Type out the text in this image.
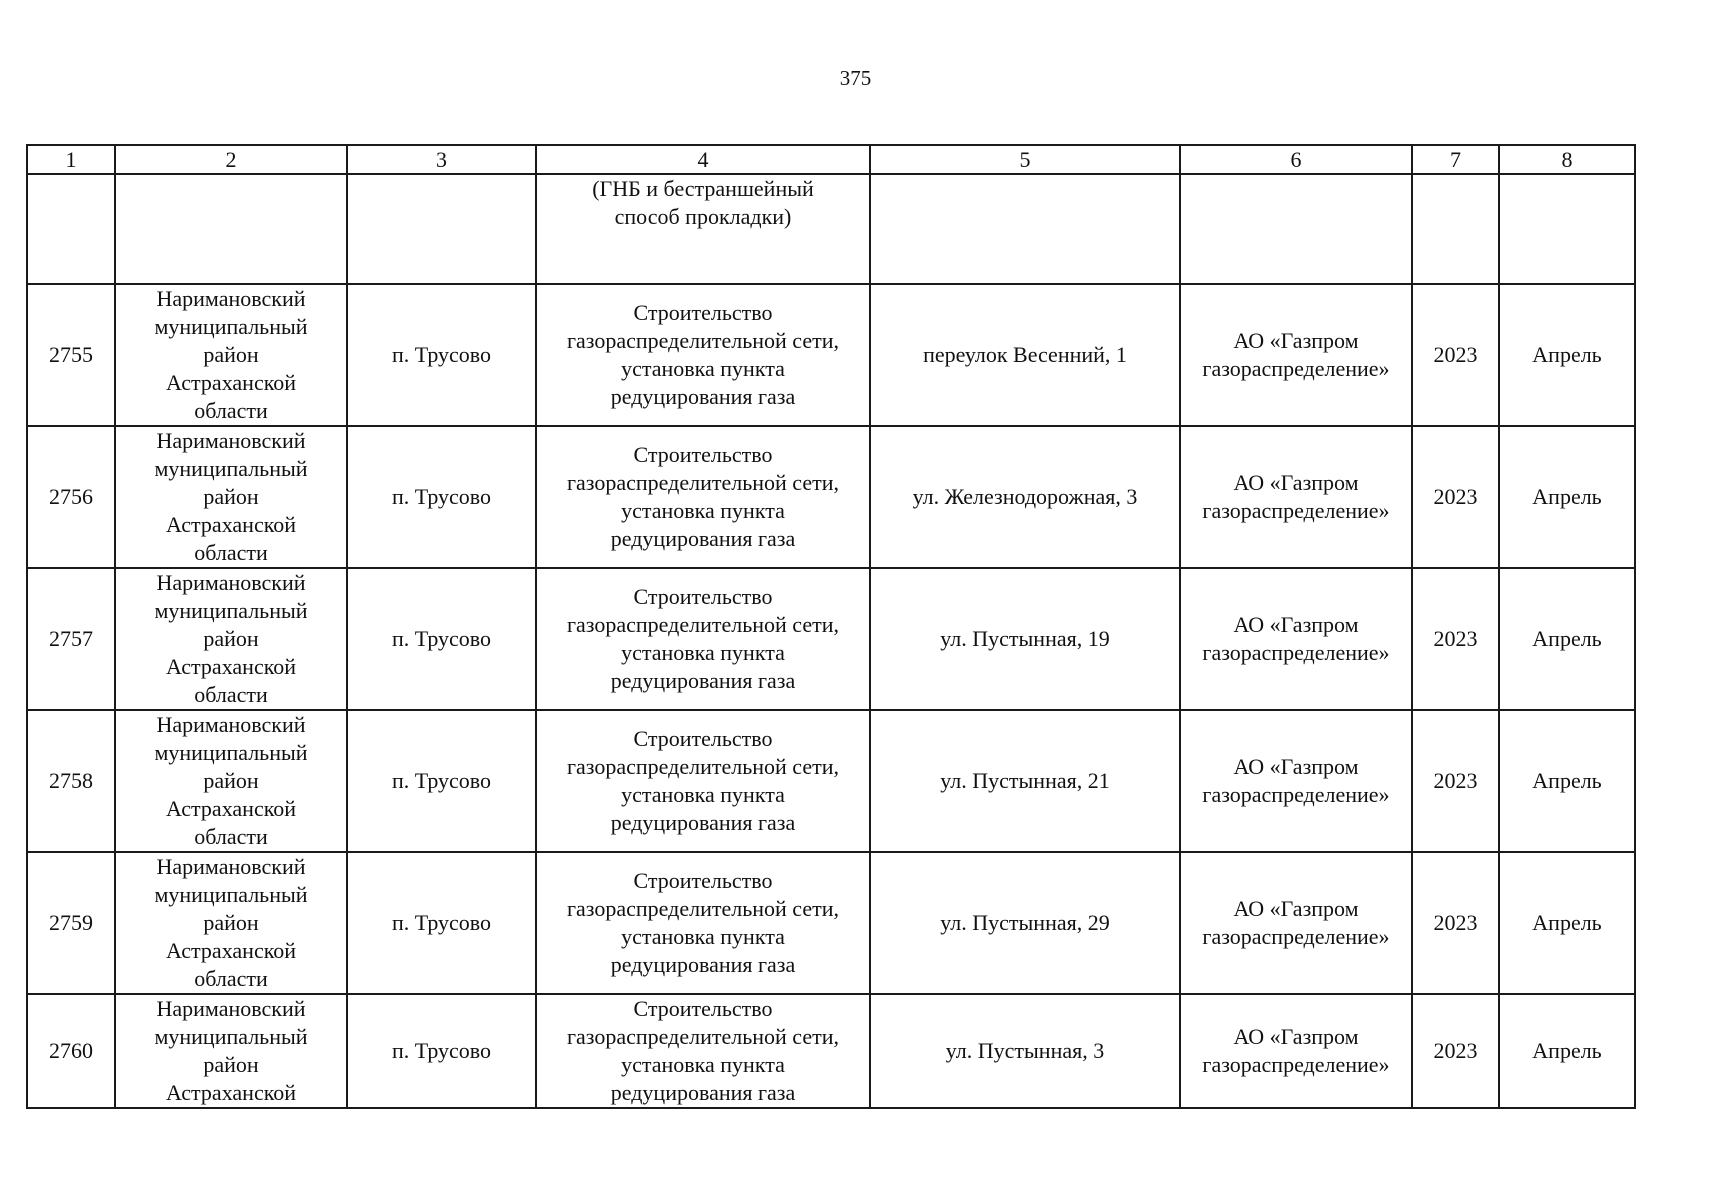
375
1	2	3	4	5	6	7	8
			(ГНБ и бестраншейный
способ прокладки)				
2755	Наримановский
муниципальный
район
Астраханской
области	п. Трусово	Строительство
газораспределительной сети,
установка пункта
редуцирования газа	переулок Весенний, 1	АО «Газпром
газораспределение»	2023	Апрель
2756	Наримановский
муниципальный
район
Астраханской
области	п. Трусово	Строительство
газораспределительной сети,
установка пункта
редуцирования газа	ул. Железнодорожная, 3	АО «Газпром
газораспределение»	2023	Апрель
2757	Наримановский
муниципальный
район
Астраханской
области	п. Трусово	Строительство
газораспределительной сети,
установка пункта
редуцирования газа	ул. Пустынная, 19	АО «Газпром
газораспределение»	2023	Апрель
2758	Наримановский
муниципальный
район
Астраханской
области	п. Трусово	Строительство
газораспределительной сети,
установка пункта
редуцирования газа	ул. Пустынная, 21	АО «Газпром
газораспределение»	2023	Апрель
2759	Наримановский
муниципальный
район
Астраханской
области	п. Трусово	Строительство
газораспределительной сети,
установка пункта
редуцирования газа	ул. Пустынная, 29	АО «Газпром
газораспределение»	2023	Апрель
2760	Наримановский
муниципальный
район
Астраханской	п. Трусово	Строительство
газораспределительной сети,
установка пункта
редуцирования газа	ул. Пустынная, 3	АО «Газпром
газораспределение»	2023	Апрель
